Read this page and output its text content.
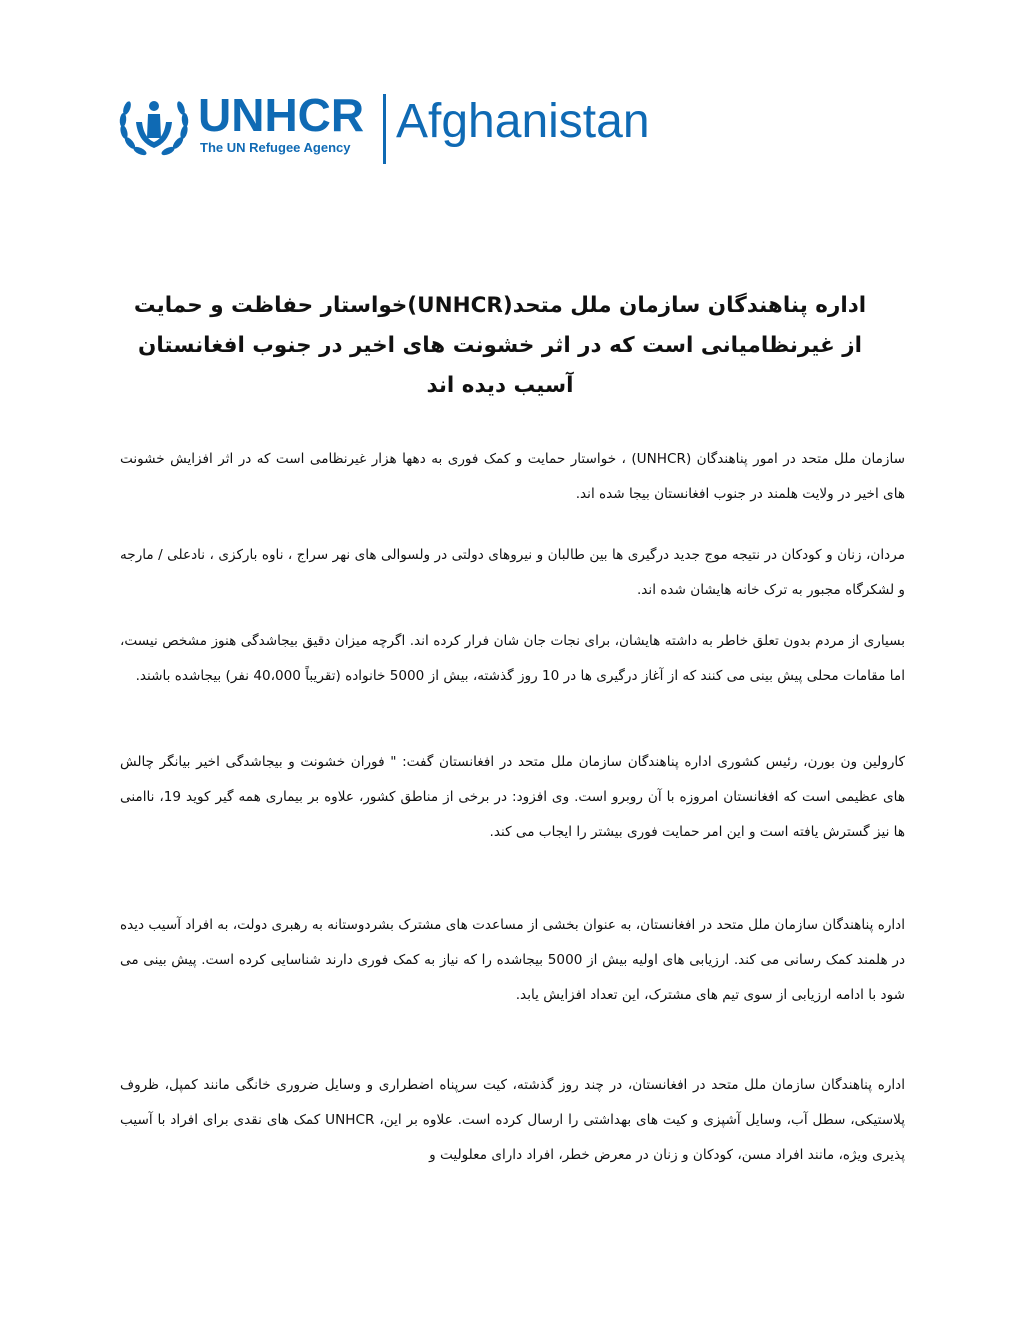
UNHCR
The UN Refugee Agency Afghanistan
اداره پناهندگان سازمان ملل متحد(UNHCR)خواستار حفاظت و حمایت از غیرنظامیانی است که در اثر خشونت های اخیر در جنوب افغانستان آسیب دیده اند

سازمان ملل متحد در امور پناهندگان (UNHCR) ، خواستار حمایت و کمک فوری به دهها هزار غیرنظامی است که در اثر افزایش خشونت های اخیر در ولایت هلمند در جنوب افغانستان بیجا شده اند.

مردان، زنان و کودکان در نتیجه موج جدید درگیری ها بین طالبان و نیروهای دولتی در ولسوالی های نهر سراج ، ناوه بارکزی ، نادعلی / مارجه و لشکرگاه مجبور به ترک خانه هایشان شده اند.

بسیاری از مردم بدون تعلق خاطر به داشته هایشان، برای نجات جان شان فرار کرده اند. اگرچه میزان دقیق بیجاشدگی هنوز مشخص نیست، اما مقامات محلی پیش بینی می کنند که از آغاز درگیری ها در 10 روز گذشته، بیش از 5000 خانواده (تقریباً 40،000 نفر) بیجاشده باشند.

کارولین ون بورن، رئیس کشوری اداره پناهندگان سازمان ملل متحد در افغانستان گفت: " فوران خشونت و بیجاشدگی اخیر بیانگر چالش های عظیمی است که افغانستان امروزه با آن روبرو است. وی افزود: در برخی از مناطق کشور، علاوه بر بیماری همه گیر کوید 19، ناامنی ها نیز گسترش یافته است و این امر حمایت فوری بیشتر را ایجاب می کند.

اداره پناهندگان سازمان ملل متحد در افغانستان، به عنوان بخشی از مساعدت های مشترک بشردوستانه به رهبری دولت، به افراد آسیب دیده در هلمند کمک رسانی می کند. ارزیابی های اولیه بیش از 5000 بیجاشده را که نیاز به کمک فوری دارند شناسایی کرده است. پیش بینی می شود با ادامه ارزیابی از سوی تیم های مشترک، این تعداد افزایش یابد.

اداره پناهندگان سازمان ملل متحد در افغانستان، در چند روز گذشته، کیت سرپناه اضطراری و وسایل ضروری خانگی مانند کمپل، ظروف پلاستیکی، سطل آب، وسایل آشپزی و کیت های بهداشتی را ارسال کرده است. علاوه بر این، UNHCR کمک های نقدی برای افراد با آسیب پذیری ویژه، مانند افراد مسن، کودکان و زنان در معرض خطر، افراد دارای معلولیت و
